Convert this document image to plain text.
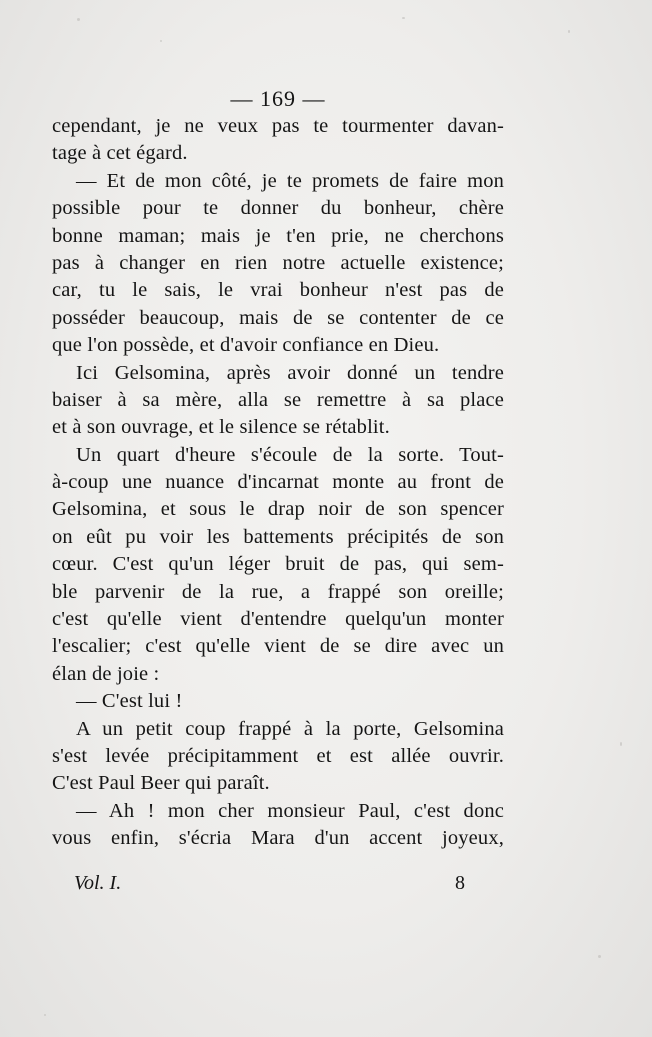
— 169 —
cependant, je ne veux pas te tourmenter davan-
tage à cet égard.
— Et de mon côté, je te promets de faire mon
possible pour te donner du bonheur, chère
bonne maman; mais je t'en prie, ne cherchons
pas à changer en rien notre actuelle existence;
car, tu le sais, le vrai bonheur n'est pas de
posséder beaucoup, mais de se contenter de ce
que l'on possède, et d'avoir confiance en Dieu.
Ici Gelsomina, après avoir donné un tendre
baiser à sa mère, alla se remettre à sa place
et à son ouvrage, et le silence se rétablit.
Un quart d'heure s'écoule de la sorte. Tout-
à-coup une nuance d'incarnat monte au front de
Gelsomina, et sous le drap noir de son spencer
on eût pu voir les battements précipités de son
cœur. C'est qu'un léger bruit de pas, qui sem-
ble parvenir de la rue, a frappé son oreille;
c'est qu'elle vient d'entendre quelqu'un monter
l'escalier; c'est qu'elle vient de se dire avec un
élan de joie :
— C'est lui !
A un petit coup frappé à la porte, Gelsomina
s'est levée précipitamment et est allée ouvrir.
C'est Paul Beer qui paraît.
— Ah ! mon cher monsieur Paul, c'est donc
vous enfin, s'écria Mara d'un accent joyeux,
Vol. I.	8
